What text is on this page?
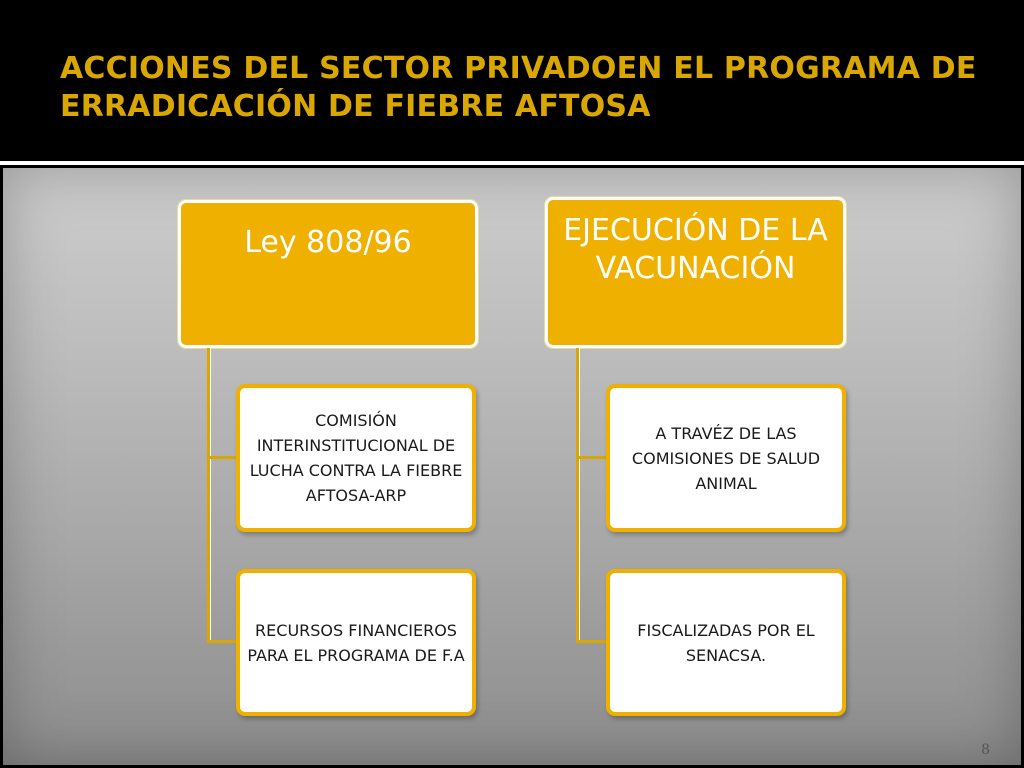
ACCIONES DEL SECTOR PRIVADOEN EL PROGRAMA DE ERRADICACIÓN DE FIEBRE AFTOSA
Ley 808/96
COMISIÓN INTERINSTITUCIONAL DE LUCHA CONTRA LA FIEBRE AFTOSA-ARP
RECURSOS FINANCIEROS PARA EL PROGRAMA DE F.A
EJECUCIÓN DE LA VACUNACIÓN
A TRAVÉZ DE LAS COMISIONES DE SALUD ANIMAL
FISCALIZADAS POR EL SENACSA.
8
